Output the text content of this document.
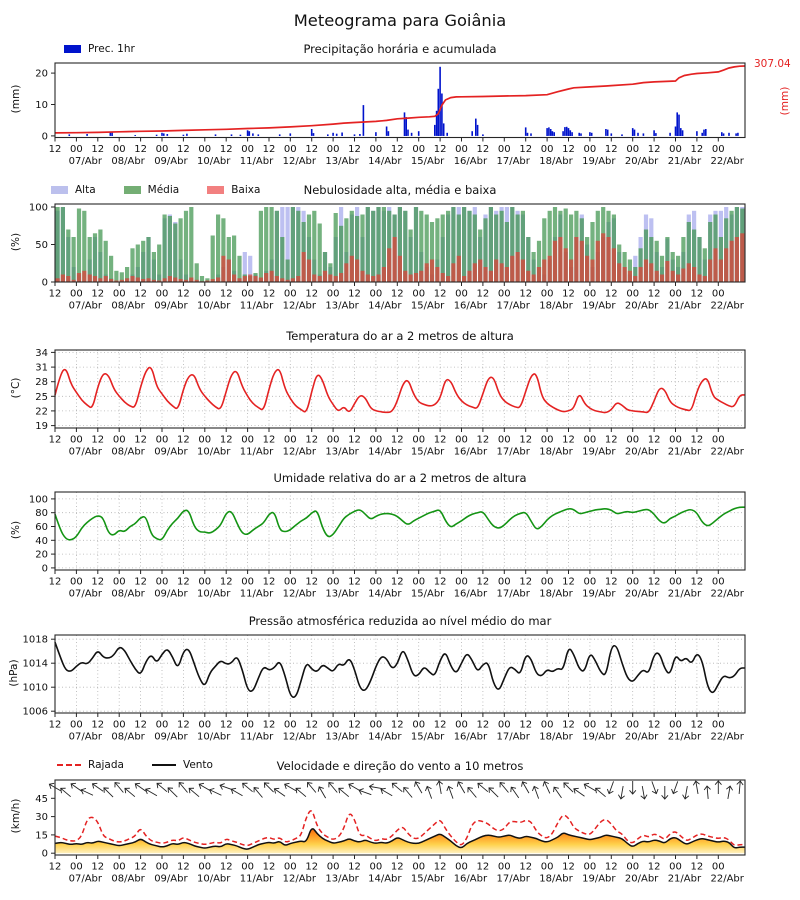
0
10
20
12 00 12 00 12 00 12 00 12 00 12 00 12 00 12 00 12 00 12 00 12 00 12 00 12 00 12 00 12 00 12 00
07/Abr 08/Abr 09/Abr 10/Abr 11/Abr 12/Abr 13/Abr 14/Abr 15/Abr 16/Abr 17/Abr 18/Abr 19/Abr 20/Abr 21/Abr 22/Abr
0
50
100
12 00 12 00 12 00 12 00 12 00 12 00 12 00 12 00 12 00 12 00 12 00 12 00 12 00 12 00 12 00 12 00
07/Abr 08/Abr 09/Abr 10/Abr 11/Abr 12/Abr 13/Abr 14/Abr 15/Abr 16/Abr 17/Abr 18/Abr 19/Abr 20/Abr 21/Abr 22/Abr
19
22
25
28
31
34
12 00 12 00 12 00 12 00 12 00 12 00 12 00 12 00 12 00 12 00 12 00 12 00 12 00 12 00 12 00 12 00
07/Abr 08/Abr 09/Abr 10/Abr 11/Abr 12/Abr 13/Abr 14/Abr 15/Abr 16/Abr 17/Abr 18/Abr 19/Abr 20/Abr 21/Abr 22/Abr
0
20
40
60
80
100
12 00 12 00 12 00 12 00 12 00 12 00 12 00 12 00 12 00 12 00 12 00 12 00 12 00 12 00 12 00 12 00
07/Abr 08/Abr 09/Abr 10/Abr 11/Abr 12/Abr 13/Abr 14/Abr 15/Abr 16/Abr 17/Abr 18/Abr 19/Abr 20/Abr 21/Abr 22/Abr
1006
1010
1014
1018
12 00 12 00 12 00 12 00 12 00 12 00 12 00 12 00 12 00 12 00 12 00 12 00 12 00 12 00 12 00 12 00
07/Abr 08/Abr 09/Abr 10/Abr 11/Abr 12/Abr 13/Abr 14/Abr 15/Abr 16/Abr 17/Abr 18/Abr 19/Abr 20/Abr 21/Abr 22/Abr
0
15
30
45
12 00 12 00 12 00 12 00 12 00 12 00 12 00 12 00 12 00 12 00 12 00 12 00 12 00 12 00 12 00 12 00
07/Abr 08/Abr 09/Abr 10/Abr 11/Abr 12/Abr 13/Abr 14/Abr 15/Abr 16/Abr 17/Abr 18/Abr 19/Abr 20/Abr 21/Abr 22/Abr
Meteograma para Goiânia
Precipitação horária e acumulada
Nebulosidade alta, média e baixa
Temperatura do ar a 2 metros de altura
Umidade relativa do ar a 2 metros de altura
Pressão atmosférica reduzida ao nível médio do mar
Velocidade e direção do vento a 10 metros
(mm)
(%)
(°C)
(%)
(hPa)
(km/h)
307.04
(mm)
Prec. 1hr
Alta	Média	Baixa
Rajada	Vento
